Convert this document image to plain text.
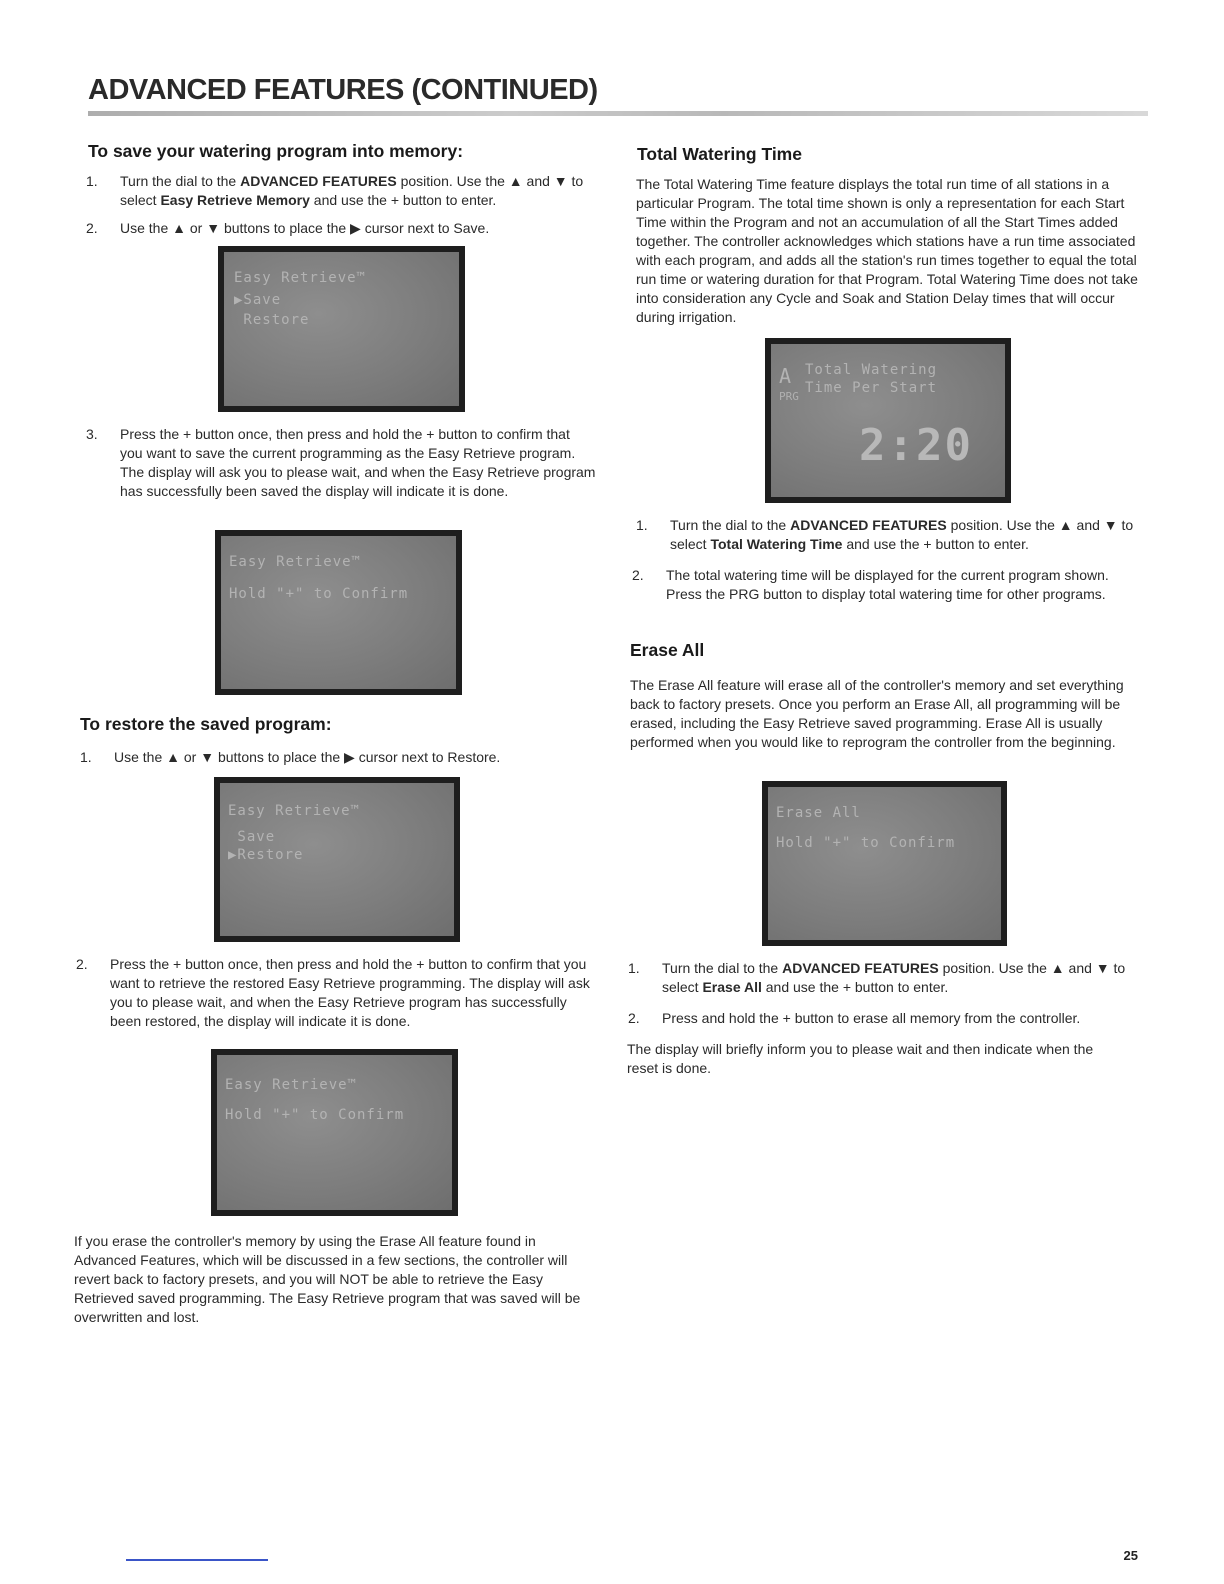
ADVANCED FEATURES (CONTINUED)
To save your watering program into memory:
1.	Turn the dial to the ADVANCED FEATURES position. Use the ▲ and ▼ to select Easy Retrieve Memory and use the + button to enter.
2.	Use the ▲ or ▼ buttons to place the ▶ cursor next to Save.
Easy Retrieve™
▶Save
Restore
3.	Press the + button once, then press and hold the + button to confirm that you want to save the current programming as the Easy Retrieve program. The display will ask you to please wait, and when the Easy Retrieve program has successfully been saved the display will indicate it is done.
Easy Retrieve™
Hold "+" to Confirm
To restore the saved program:
1.	Use the ▲ or ▼ buttons to place the ▶ cursor next to Restore.
Easy Retrieve™
Save
▶Restore
2.	Press the + button once, then press and hold the + button to confirm that you want to retrieve the restored Easy Retrieve programming. The display will ask you to please wait, and when the Easy Retrieve program has successfully been restored, the display will indicate it is done.
Easy Retrieve™
Hold "+" to Confirm
If you erase the controller's memory by using the Erase All feature found in Advanced Features, which will be discussed in a few sections, the controller will revert back to factory presets, and you will NOT be able to retrieve the Easy Retrieved saved programming. The Easy Retrieve program that was saved will be overwritten and lost.
Total Watering Time
The Total Watering Time feature displays the total run time of all stations in a particular Program. The total time shown is only a representation for each Start Time within the Program and not an accumulation of all the Start Times added together. The controller acknowledges which stations have a run time associated with each program, and adds all the station's run times together to equal the total run time or watering duration for that Program. Total Watering Time does not take into consideration any Cycle and Soak and Station Delay times that will occur during irrigation.
A Total Watering
Time Per Start
PRG
2:20
1.	Turn the dial to the ADVANCED FEATURES position. Use the ▲ and ▼ to select Total Watering Time and use the + button to enter.
2.	The total watering time will be displayed for the current program shown. Press the PRG button to display total watering time for other programs.
Erase All
The Erase All feature will erase all of the controller's memory and set everything back to factory presets. Once you perform an Erase All, all programming will be erased, including the Easy Retrieve saved programming. Erase All is usually performed when you would like to reprogram the controller from the beginning.
Erase All
Hold "+" to Confirm
1.	Turn the dial to the ADVANCED FEATURES position. Use the ▲ and ▼ to select Erase All and use the + button to enter.
2.	Press and hold the + button to erase all memory from the controller.
The display will briefly inform you to please wait and then indicate when the reset is done.
25
